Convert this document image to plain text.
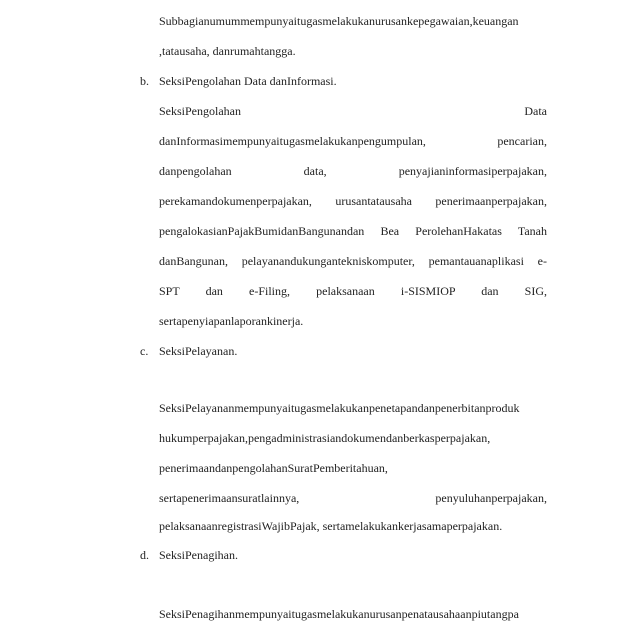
Subbagianumummempunyaitugasmelakukanurusankepegawaian,keuangan
,tatausaha, danrumahtangga.
b. SeksiPengolahan Data danInformasi.
SeksiPengolahan Data
danInformasimempunyaitugasmelakukanpengumpulan, pencarian,
danpengolahan data, penyajianinformasiperpajakan,
perekamandokumenperpajakan, urusantatausaha penerimaanperpajakan,
pengalokasianPajakBumidanBangunandan Bea PerolehanHakatas Tanah
danBangunan, pelayanandukungantekniskomputer, pemantauanaplikasi e-
SPT dan e-Filing, pelaksanaan i-SISMIOP dan SIG,
sertapenyiapanlaporankinerja.
c. SeksiPelayanan.
SeksiPelayananmempunyaitugasmelakukanpenetapandanpenerbitanproduk
hukumperpajakan,pengadministrasiandokumendanberkasperpajakan,
penerimaandanpengolahanSuratPemberitahuan,
sertapenerimaansuratlainnya, penyuluhanperpajakan,
pelaksanaanregistrasiWajibPajak, sertamelakukankerjasamaperpajakan.
d. SeksiPenagihan.
SeksiPenagihanmempunyaitugasmelakukanurusanpenatausahaanpiutangpa
